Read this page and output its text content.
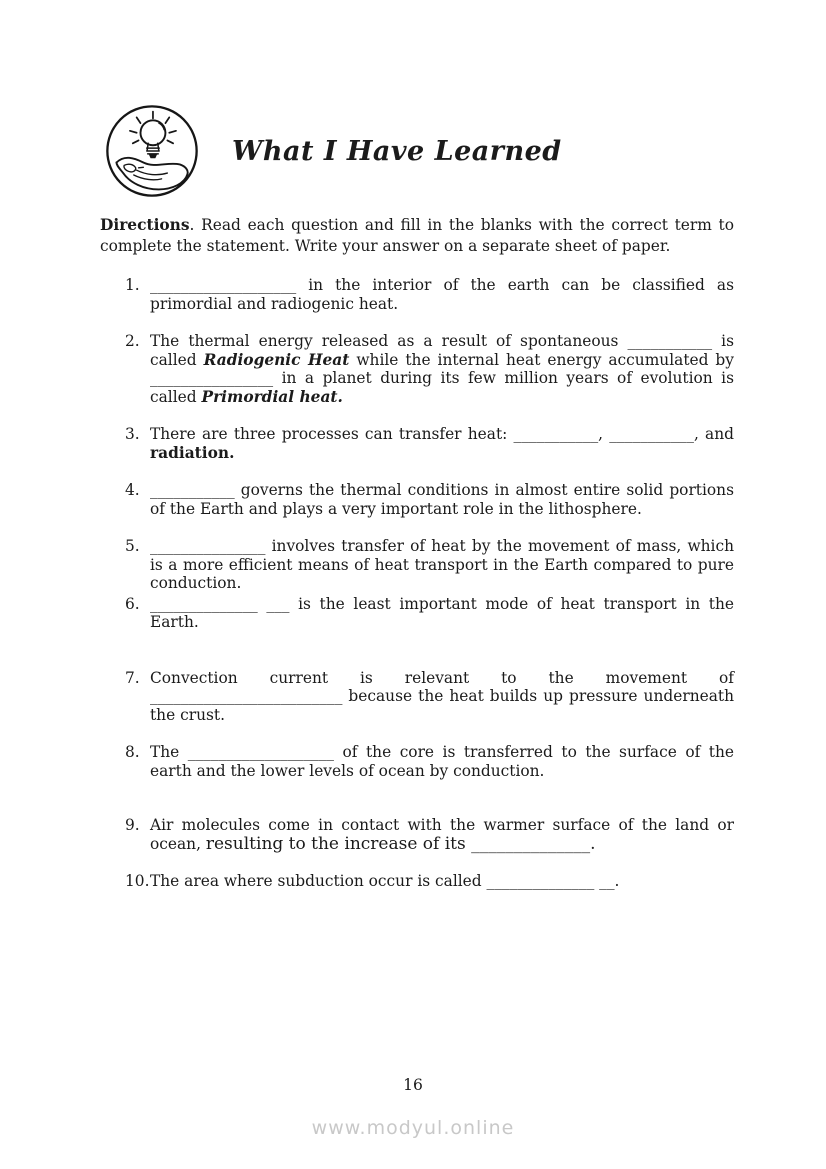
What I Have Learned

Directions. Read each question and fill in the blanks with the correct term to complete the statement. Write your answer on a separate sheet of paper.

1. ___________________ in the interior of the earth can be classified as primordial and radiogenic heat.
2. The thermal energy released as a result of spontaneous ___________ is called Radiogenic Heat while the internal heat energy accumulated by ________________ in a planet during its few million years of evolution is called Primordial heat.
3. There are three processes can transfer heat: ___________, ___________, and radiation.
4. ___________ governs the thermal conditions in almost entire solid portions of the Earth and plays a very important role in the lithosphere.
5. _______________ involves transfer of heat by the movement of mass, which is a more efficient means of heat transport in the Earth compared to pure conduction.
6. ______________ ___ is the least important mode of heat transport in the Earth.
7. Convection current is relevant to the movement of _________________________ because the heat builds up pressure underneath the crust.
8. The ___________________ of the core is transferred to the surface of the earth and the lower levels of ocean by conduction.
9. Air molecules come in contact with the warmer surface of the land or ocean, resulting to the increase of its ______________.
10. The area where subduction occur is called ______________ __.
16
www.modyul.online
